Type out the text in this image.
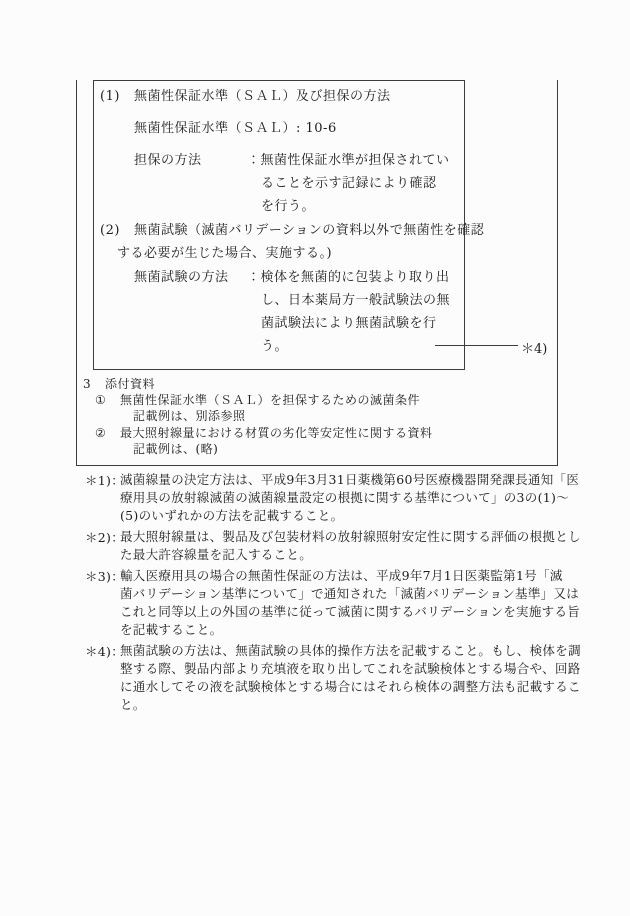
(1) 無菌性保証水準（ＳＡＬ）及び担保の方法
無菌性保証水準（ＳＡＬ）: 10-6
担保の方法	：無菌性保証水準が担保されてい
ることを示す記録により確認
を行う。
(2) 無菌試験（滅菌バリデーションの資料以外で無菌性を確認
する必要が生じた場合、実施する。)
無菌試験の方法 ：検体を無菌的に包装より取り出
し、日本薬局方一般試験法の無
菌試験法により無菌試験を行
う。	＊4)
3 添付資料
① 無菌性保証水準（ＳＡＬ）を担保するための滅菌条件
記載例は、別添参照
② 最大照射線量における材質の劣化等安定性に関する資料
記載例は、(略)
＊1)：
滅菌線量の決定方法は、平成9年3月31日薬機第60号医療機器開発課長通知「医
療用具の放射線滅菌の滅菌線量設定の根拠に関する基準について」の3の(1)〜
(5)のいずれかの方法を記載すること。
＊2)：
最大照射線量は、製品及び包装材料の放射線照射安定性に関する評価の根拠とし
た最大許容線量を記入すること。
＊3)：
輸入医療用具の場合の無菌性保証の方法は、平成9年7月1日医薬監第1号「滅
菌バリデーション基準について」で通知された「滅菌バリデーション基準」又は
これと同等以上の外国の基準に従って滅菌に関するバリデーションを実施する旨
を記載すること。
＊4)：
無菌試験の方法は、無菌試験の具体的操作方法を記載すること。もし、検体を調
整する際、製品内部より充填液を取り出してこれを試験検体とする場合や、回路
に通水してその液を試験検体とする場合にはそれら検体の調整方法も記載するこ
と。
